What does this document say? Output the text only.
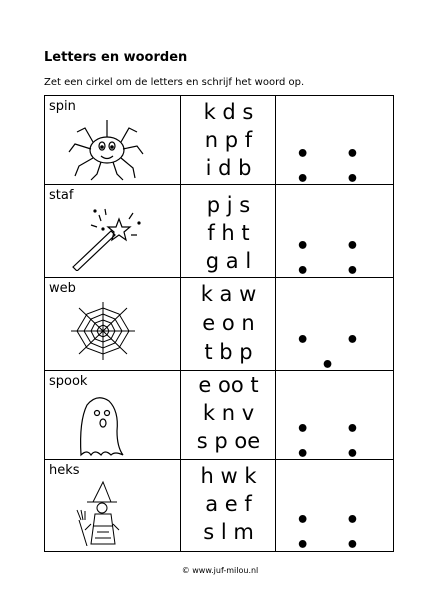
Letters en woorden
Zet een cirkel om de letters en schrijf het woord op.
spin	k d s
n p f
i d b
• • • •
staf	p j s
f h t
g a l
• • • •
web	k a w
e o n
t b p	• • •
spook	e oo t
k n v
s p oe	• • • •
heks	h w k
a e f
s l m	• • • •
© www.juf-milou.nl
